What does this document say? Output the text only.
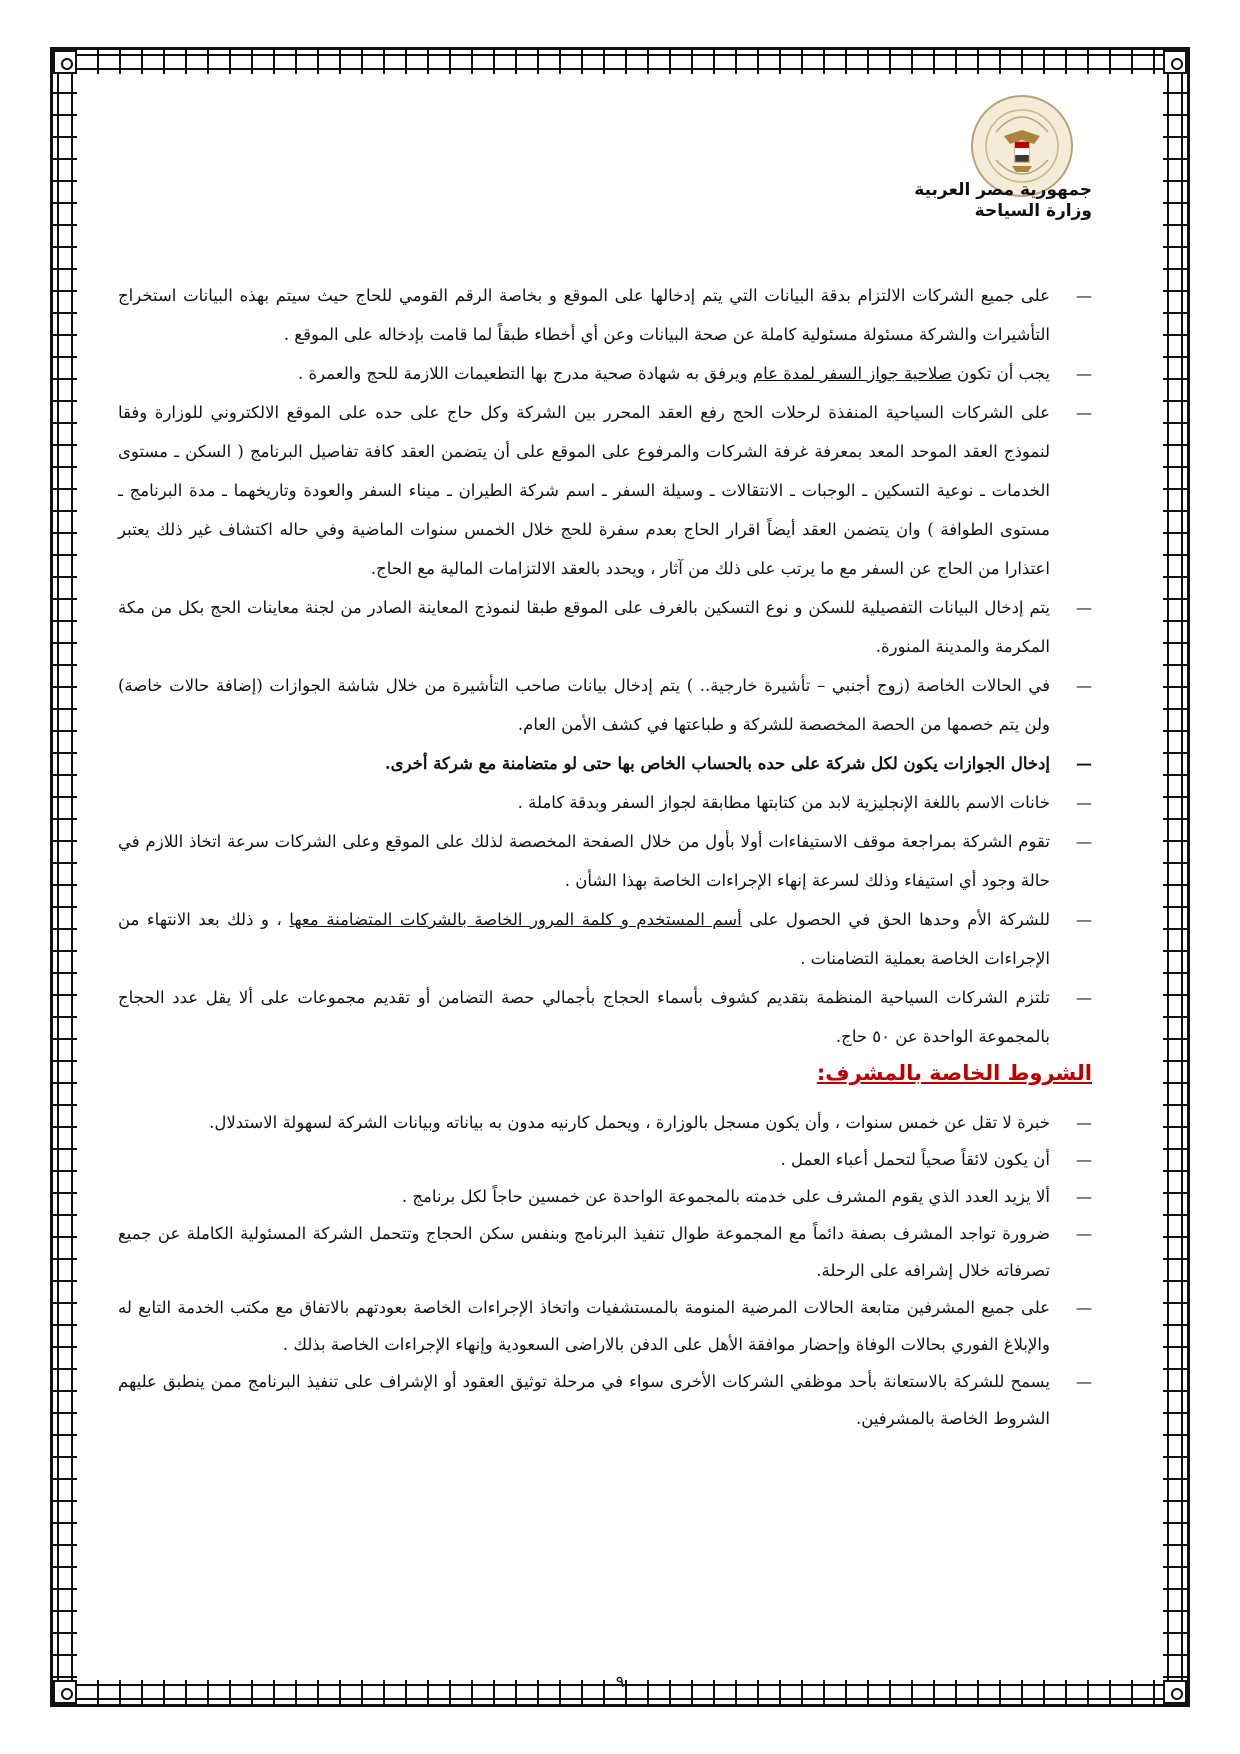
جمهورية مصر العربية
وزارة السياحة
— على جميع الشركات الالتزام بدقة البيانات التي يتم إدخالها على الموقع و بخاصة الرقم القومي للحاج حيث سيتم بهذه البيانات استخراج التأشيرات والشركة مسئولة مسئولية كاملة عن صحة البيانات وعن أي أخطاء طبقاً لما قامت بإدخاله على الموقع .
— يجب أن تكون صلاحية جواز السفر لمدة عام ويرفق به شهادة صحية مدرج بها التطعيمات اللازمة للحج والعمرة .
— على الشركات السياحية المنفذة لرحلات الحج رفع العقد المحرر بين الشركة وكل حاج على حده على الموقع الالكتروني للوزارة وفقا لنموذج العقد الموحد المعد بمعرفة غرفة الشركات والمرفوع على الموقع على أن يتضمن العقد كافة تفاصيل البرنامج ( السكن ـ مستوى الخدمات ـ نوعية التسكين ـ الوجبات ـ الانتقالات ـ وسيلة السفر ـ اسم شركة الطيران ـ ميناء السفر والعودة وتاريخهما ـ مدة البرنامج ـ مستوى الطوافة ) وان يتضمن العقد أيضاً اقرار الحاج بعدم سفرة للحج خلال الخمس سنوات الماضية وفي حاله اكتشاف غير ذلك يعتبر اعتذارا من الحاج عن السفر مع ما يرتب على ذلك من آثار ، ويحدد بالعقد الالتزامات المالية مع الحاج.
— يتم إدخال البيانات التفصيلية للسكن و نوع التسكين بالغرف على الموقع طبقا لنموذج المعاينة الصادر من لجنة معاينات الحج بكل من مكة المكرمة والمدينة المنورة.
— في الحالات الخاصة (زوج أجنبي – تأشيرة خارجية.. ) يتم إدخال بيانات صاحب التأشيرة من خلال شاشة الجوازات (إضافة حالات خاصة) ولن يتم خصمها من الحصة المخصصة للشركة و طباعتها في كشف الأمن العام.
— إدخال الجوازات يكون لكل شركة على حده بالحساب الخاص بها حتى لو متضامنة مع شركة أخرى.
— خانات الاسم باللغة الإنجليزية لابد من كتابتها مطابقة لجواز السفر وبدقة كاملة .
— تقوم الشركة بمراجعة موقف الاستيفاءات أولا بأول من خلال الصفحة المخصصة لذلك على الموقع وعلى الشركات سرعة اتخاذ اللازم في حالة وجود أي استيفاء وذلك لسرعة إنهاء الإجراءات الخاصة بهذا الشأن .
— للشركة الأم وحدها الحق في الحصول على أسم المستخدم و كلمة المرور الخاصة بالشركات المتضامنة معها ، و ذلك بعد الانتهاء من الإجراءات الخاصة بعملية التضامنات .
— تلتزم الشركات السياحية المنظمة بتقديم كشوف بأسماء الحجاج بأجمالي حصة التضامن أو تقديم مجموعات على ألا يقل عدد الحجاج بالمجموعة الواحدة عن ٥٠ حاج.
الشروط الخاصة بالمشرف:
— خبرة لا تقل عن خمس سنوات ، وأن يكون مسجل بالوزارة ، ويحمل كارنيه مدون به بياناته وبيانات الشركة لسهولة الاستدلال.
— أن يكون لائقاً صحياً لتحمل أعباء العمل .
— ألا يزيد العدد الذي يقوم المشرف على خدمته بالمجموعة الواحدة عن خمسين حاجاً لكل برنامج .
— ضرورة تواجد المشرف بصفة دائماً مع المجموعة طوال تنفيذ البرنامج وبنفس سكن الحجاج وتتحمل الشركة المسئولية الكاملة عن جميع تصرفاته خلال إشرافه على الرحلة.
— على جميع المشرفين متابعة الحالات المرضية المنومة بالمستشفيات واتخاذ الإجراءات الخاصة بعودتهم بالاتفاق مع مكتب الخدمة التابع له والإبلاغ الفوري بحالات الوفاة وإحضار موافقة الأهل على الدفن بالاراضى السعودية وإنهاء الإجراءات الخاصة بذلك .
— يسمح للشركة بالاستعانة بأحد موظفي الشركات الأخرى سواء في مرحلة توثيق العقود أو الإشراف على تنفيذ البرنامج ممن ينطبق عليهم الشروط الخاصة بالمشرفين.
٩
